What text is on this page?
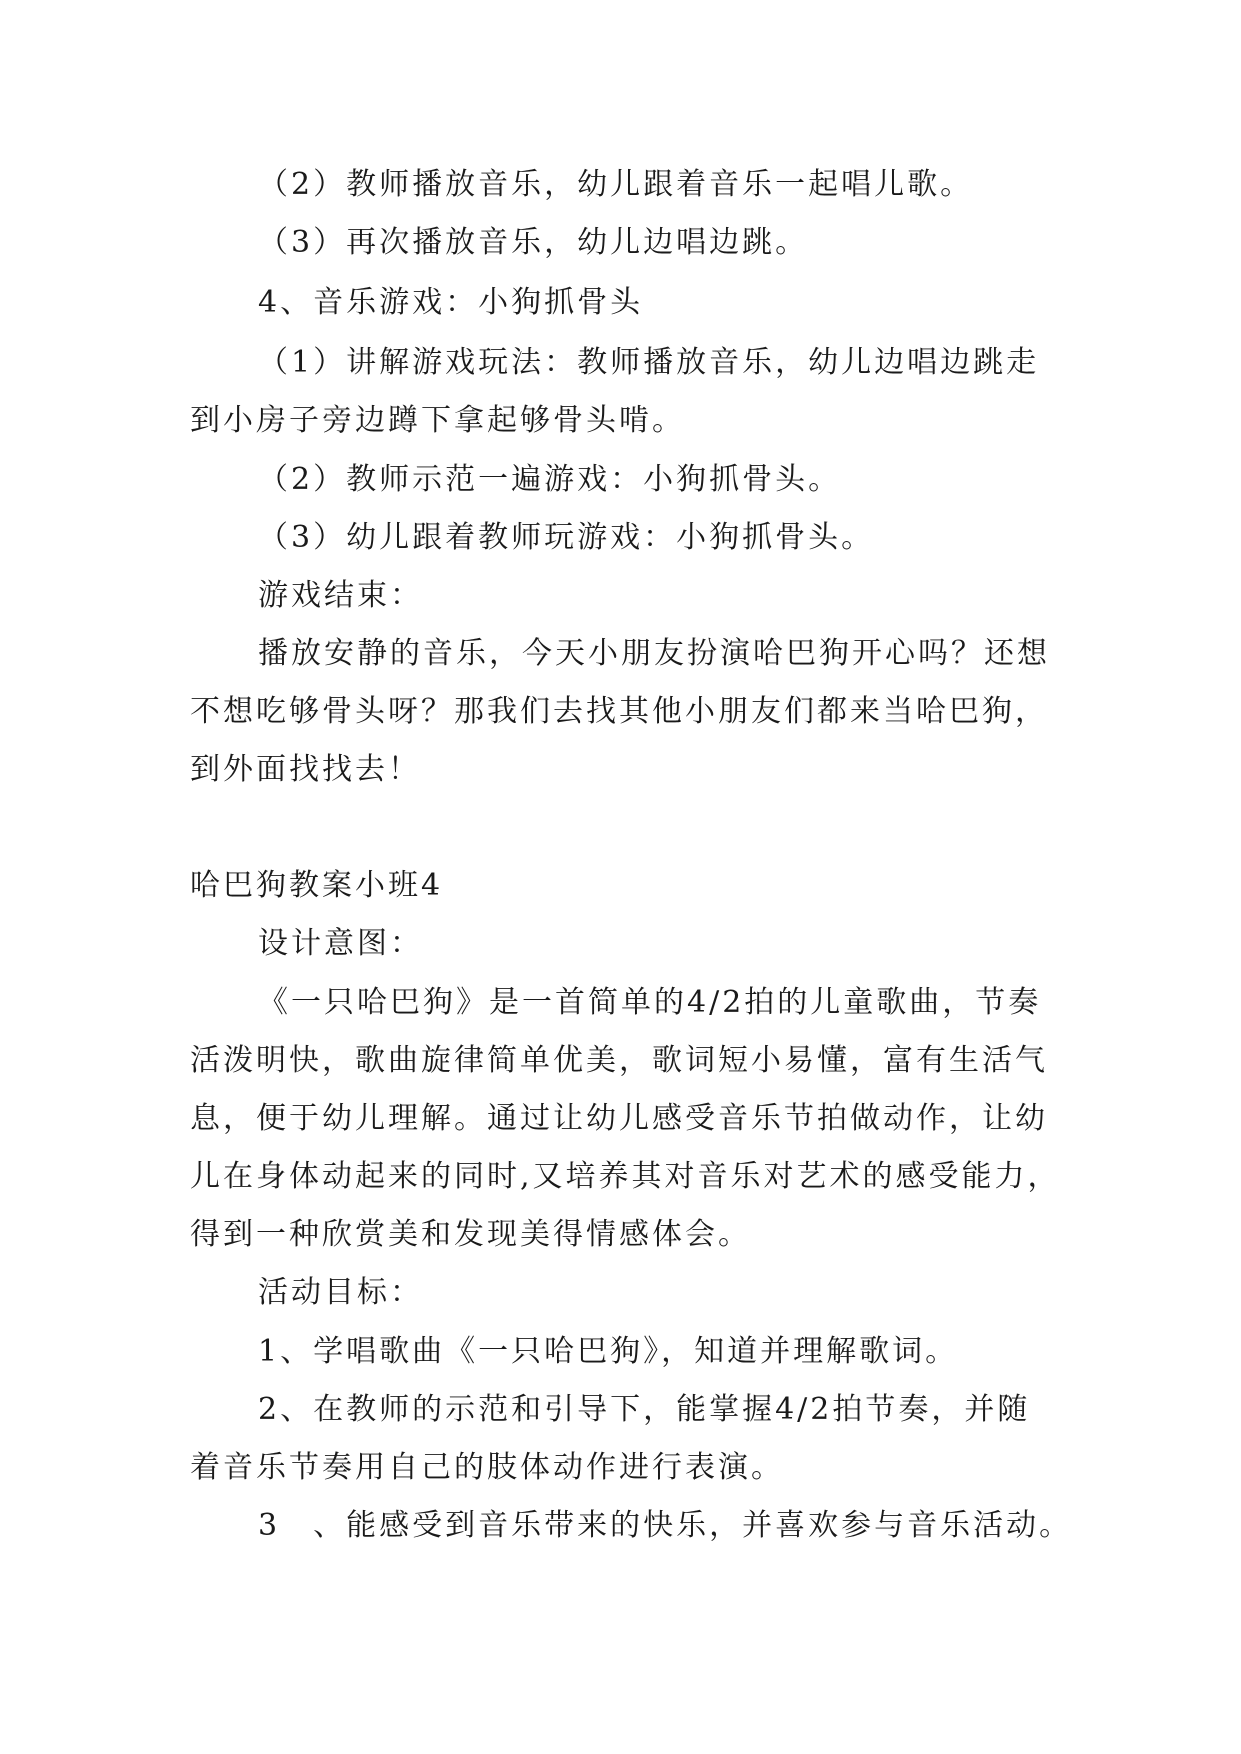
（2）教师播放音乐，幼儿跟着音乐一起唱儿歌。
（3）再次播放音乐，幼儿边唱边跳。
4、音乐游戏：小狗抓骨头
（1）讲解游戏玩法：教师播放音乐，幼儿边唱边跳走
到小房子旁边蹲下拿起够骨头啃。
（2）教师示范一遍游戏：小狗抓骨头。
（3）幼儿跟着教师玩游戏：小狗抓骨头。
游戏结束：
播放安静的音乐，今天小朋友扮演哈巴狗开心吗？还想
不想吃够骨头呀？那我们去找其他小朋友们都来当哈巴狗，
到外面找找去！
哈巴狗教案小班4
设计意图：
《一只哈巴狗》是一首简单的4/2拍的儿童歌曲，节奏
活泼明快，歌曲旋律简单优美，歌词短小易懂，富有生活气
息，便于幼儿理解。通过让幼儿感受音乐节拍做动作，让幼
儿在身体动起来的同时,又培养其对音乐对艺术的感受能力，
得到一种欣赏美和发现美得情感体会。
活动目标：
1、学唱歌曲《一只哈巴狗》，知道并理解歌词。
2、在教师的示范和引导下，能掌握4/2拍节奏，并随
着音乐节奏用自己的肢体动作进行表演。
3　、能感受到音乐带来的快乐，并喜欢参与音乐活动。
